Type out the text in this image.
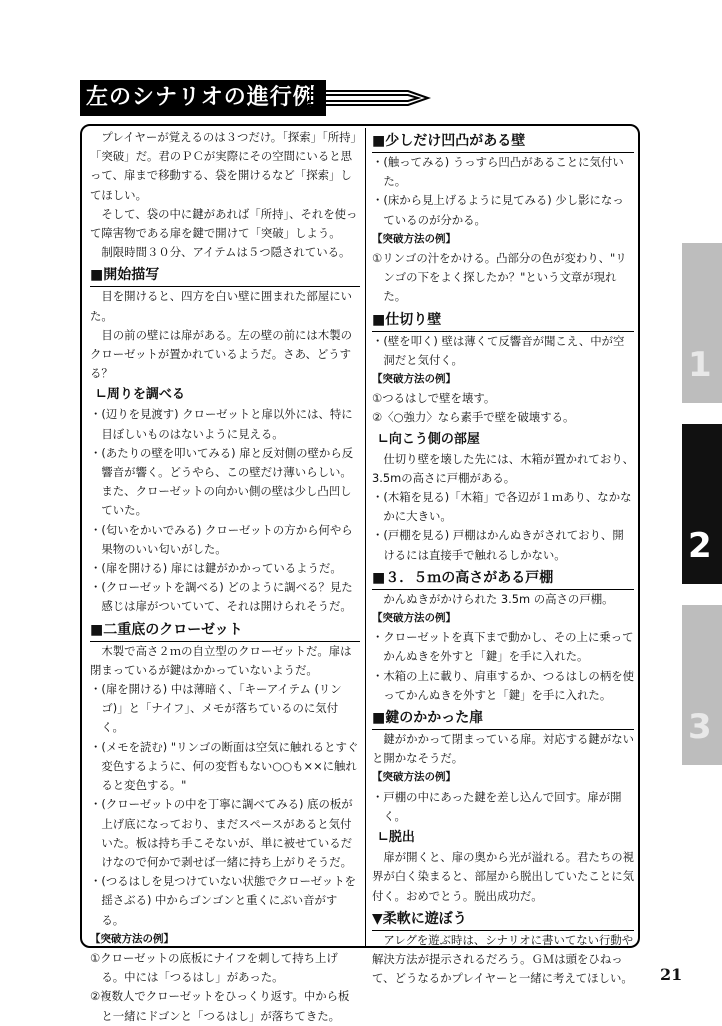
左のシナリオの進行例

プレイヤーが覚えるのは３つだけ。「探索」「所持」「突破」だ。君のＰＣが実際にその空間にいると思って、扉まで移動する、袋を開けるなど「探索」してほしい。

そして、袋の中に鍵があれば「所持」、それを使って障害物である扉を鍵で開けて「突破」しよう。

制限時間３０分、アイテムは５つ隠されている。

■開始描写

目を開けると、四方を白い壁に囲まれた部屋にいた。

目の前の壁には扉がある。左の壁の前には木製のクローゼットが置かれているようだ。さあ、どうする？

∟周りを調べる

・(辺りを見渡す) クローゼットと扉以外には、特に目ぼしいものはないように見える。

・(あたりの壁を叩いてみる) 扉と反対側の壁から反響音が響く。どうやら、この壁だけ薄いらしい。また、クローゼットの向かい側の壁は少し凸凹していた。

・(匂いをかいでみる) クローゼットの方から何やら果物のいい匂いがした。

・(扉を開ける) 扉には鍵がかかっているようだ。

・(クローゼットを調べる) どのように調べる？見た感じは扉がついていて、それは開けられそうだ。

■二重底のクローゼット

木製で高さ２ｍの自立型のクローゼットだ。扉は閉まっているが鍵はかかっていないようだ。

・(扉を開ける) 中は薄暗く、「キーアイテム (リンゴ)」と「ナイフ」、メモが落ちているのに気付く。

・(メモを読む) "リンゴの断面は空気に触れるとすぐ変色するように、何の変哲もない○○も××に触れると変色する。"

・(クローゼットの中を丁寧に調べてみる) 底の板が上げ底になっており、まだスペースがあると気付いた。板は持ち手こそないが、単に被せているだけなので何かで剥せば一緒に持ち上がりそうだ。

・(つるはしを見つけていない状態でクローゼットを揺さぶる) 中からゴンゴンと重くにぶい音がする。

【突破方法の例】

①クローゼットの底板にナイフを刺して持ち上げる。中には「つるはし」があった。

②複数人でクローゼットをひっくり返す。中から板と一緒にドゴンと「つるはし」が落ちてきた。

■少しだけ凹凸がある壁

・(触ってみる) うっすら凹凸があることに気付いた。

・(床から見上げるように見てみる) 少し影になっているのが分かる。

【突破方法の例】

①リンゴの汁をかける。凸部分の色が変わり、"リンゴの下をよく探したか？"という文章が現れた。

■仕切り壁

・(壁を叩く) 壁は薄くて反響音が聞こえ、中が空洞だと気付く。

【突破方法の例】

①つるはしで壁を壊す。

②〈○強力〉なら素手で壁を破壊する。

∟向こう側の部屋

仕切り壁を壊した先には、木箱が置かれており、3.5mの高さに戸棚がある。

・(木箱を見る)「木箱」で各辺が１ｍあり、なかなかに大きい。

・(戸棚を見る) 戸棚はかんぬきがされており、開けるには直接手で触れるしかない。

■３．５ｍの高さがある戸棚

かんぬきがかけられた 3.5m の高さの戸棚。

【突破方法の例】

・クローゼットを真下まで動かし、その上に乗ってかんぬきを外すと「鍵」を手に入れた。

・木箱の上に載り、肩車するか、つるはしの柄を使ってかんぬきを外すと「鍵」を手に入れた。

■鍵のかかった扉

鍵がかかって閉まっている扉。対応する鍵がないと開かなそうだ。

【突破方法の例】

・戸棚の中にあった鍵を差し込んで回す。扉が開く。

∟脱出

扉が開くと、扉の奥から光が溢れる。君たちの視界が白く染まると、部屋から脱出していたことに気付く。おめでとう。脱出成功だ。

▼柔軟に遊ぼう

アレグを遊ぶ時は、シナリオに書いてない行動や解決方法が提示されるだろう。ＧＭは頭をひねって、どうなるかプレイヤーと一緒に考えてほしい。

1
2
3
21
